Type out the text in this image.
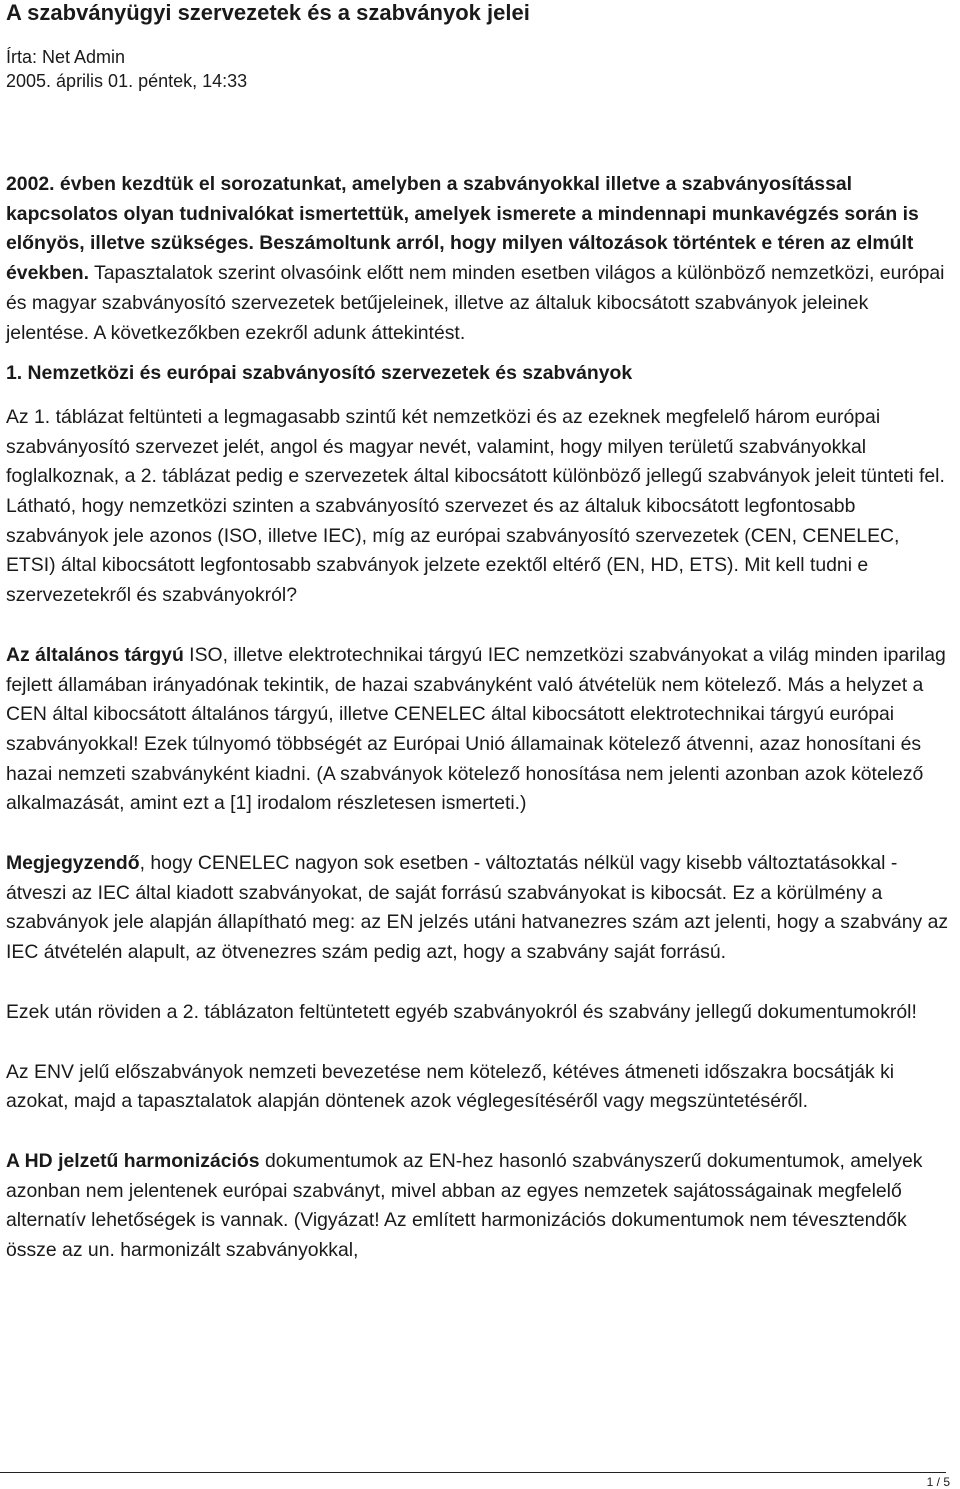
A szabványügyi szervezetek és a szabványok jelei
Írta: Net Admin
2005. április 01. péntek, 14:33

2002. évben kezdtük el sorozatunkat, amelyben a szabványokkal illetve a szabványosítással kapcsolatos olyan tudnivalókat ismertettük, amelyek ismerete a mindennapi munkavégzés során is előnyös, illetve szükséges. Beszámoltunk arról, hogy milyen változások történtek e téren az elmúlt években. Tapasztalatok szerint olvasóink előtt nem minden esetben világos a különböző nemzetközi, európai és magyar szabványosító szervezetek betűjeleinek, illetve az általuk kibocsátott szabványok jeleinek jelentése. A következőkben ezekről adunk áttekintést.

1. Nemzetközi és európai szabványosító szervezetek és szabványok

Az 1. táblázat feltünteti a legmagasabb szintű két nemzetközi és az ezeknek megfelelő három európai szabványosító szervezet jelét, angol és magyar nevét, valamint, hogy milyen területű szabványokkal foglalkoznak, a 2. táblázat pedig e szervezetek által kibocsátott különböző jellegű szabványok jeleit tünteti fel. Látható, hogy nemzetközi szinten a szabványosító szervezet és az általuk kibocsátott legfontosabb szabványok jele azonos (ISO, illetve IEC), míg az európai szabványosító szervezetek (CEN, CENELEC, ETSI) által kibocsátott legfontosabb szabványok jelzete ezektől eltérő (EN, HD, ETS). Mit kell tudni e szervezetekről és szabványokról?

Az általános tárgyú ISO, illetve elektrotechnikai tárgyú IEC nemzetközi szabványokat a világ minden iparilag fejlett államában irányadónak tekintik, de hazai szabványként való átvételük nem kötelező. Más a helyzet a CEN által kibocsátott általános tárgyú, illetve CENELEC által kibocsátott elektrotechnikai tárgyú európai szabványokkal! Ezek túlnyomó többségét az Európai Unió államainak kötelező átvenni, azaz honosítani és hazai nemzeti szabványként kiadni. (A szabványok kötelező honosítása nem jelenti azonban azok kötelező alkalmazását, amint ezt a [1] irodalom részletesen ismerteti.)

Megjegyzendő, hogy CENELEC nagyon sok esetben - változtatás nélkül vagy kisebb változtatásokkal - átveszi az IEC által kiadott szabványokat, de saját forrású szabványokat is kibocsát. Ez a körülmény a szabványok jele alapján állapítható meg: az EN jelzés utáni hatvanezres szám azt jelenti, hogy a szabvány az IEC átvételén alapult, az ötvenezres szám pedig azt, hogy a szabvány saját forrású.

Ezek után röviden a 2. táblázaton feltüntetett egyéb szabványokról és szabvány jellegű dokumentumokról!

Az ENV jelű előszabványok nemzeti bevezetése nem kötelező, kétéves átmeneti időszakra bocsátják ki azokat, majd a tapasztalatok alapján döntenek azok véglegesítéséről vagy megszüntetéséről.

A HD jelzetű harmonizációs dokumentumok az EN-hez hasonló szabványszerű dokumentumok, amelyek azonban nem jelentenek európai szabványt, mivel abban az egyes nemzetek sajátosságainak megfelelő alternatív lehetőségek is vannak. (Vigyázat! Az említett harmonizációs dokumentumok nem tévesztendők össze az un. harmonizált szabványokkal,

1 / 5
